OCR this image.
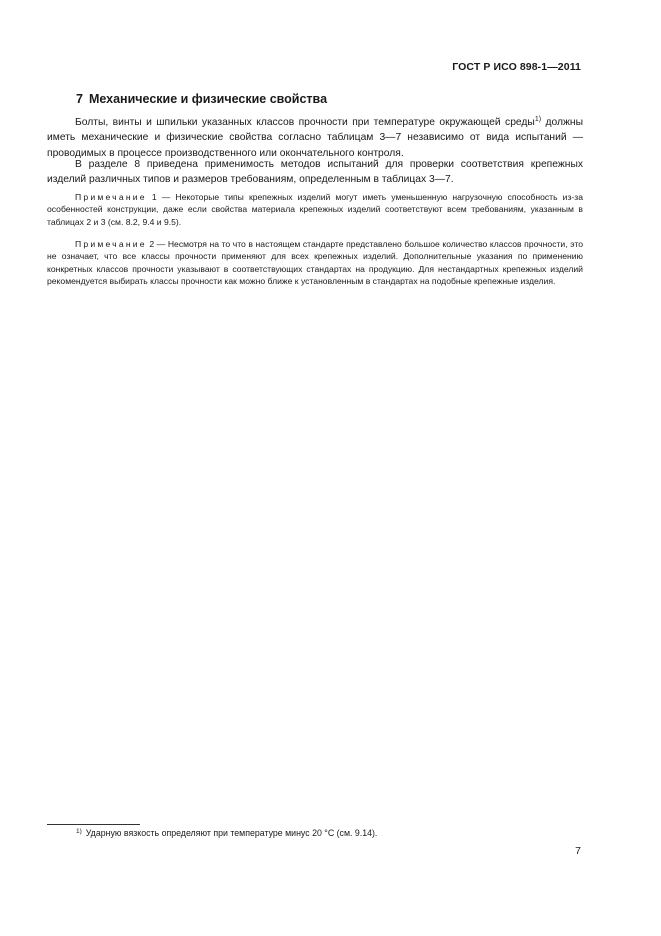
ГОСТ Р ИСО 898-1—2011
7 Механические и физические свойства

Болты, винты и шпильки указанных классов прочности при температуре окружающей среды$^{1)}$ должны иметь механические и физические свойства согласно таблицам 3—7 независимо от вида испытаний — проводимых в процессе производственного или окончательного контроля.

В разделе 8 приведена применимость методов испытаний для проверки соответствия крепежных изделий различных типов и размеров требованиям, определенным в таблицах 3—7.

Примечание 1 — Некоторые типы крепежных изделий могут иметь уменьшенную нагрузочную способность из-за особенностей конструкции, даже если свойства материала крепежных изделий соответствуют всем требованиям, указанным в таблицах 2 и 3 (см. 8.2, 9.4 и 9.5).

Примечание 2 — Несмотря на то что в настоящем стандарте представлено большое количество классов прочности, это не означает, что все классы прочности применяют для всех крепежных изделий. Дополнительные указания по применению конкретных классов прочности указывают в соответствующих стандартах на продукцию. Для нестандартных крепежных изделий рекомендуется выбирать классы прочности как можно ближе к установленным в стандартах на подобные крепежные изделия.

$^{1)}$ Ударную вязкость определяют при температуре минус 20 °С (см. 9.14).
7
